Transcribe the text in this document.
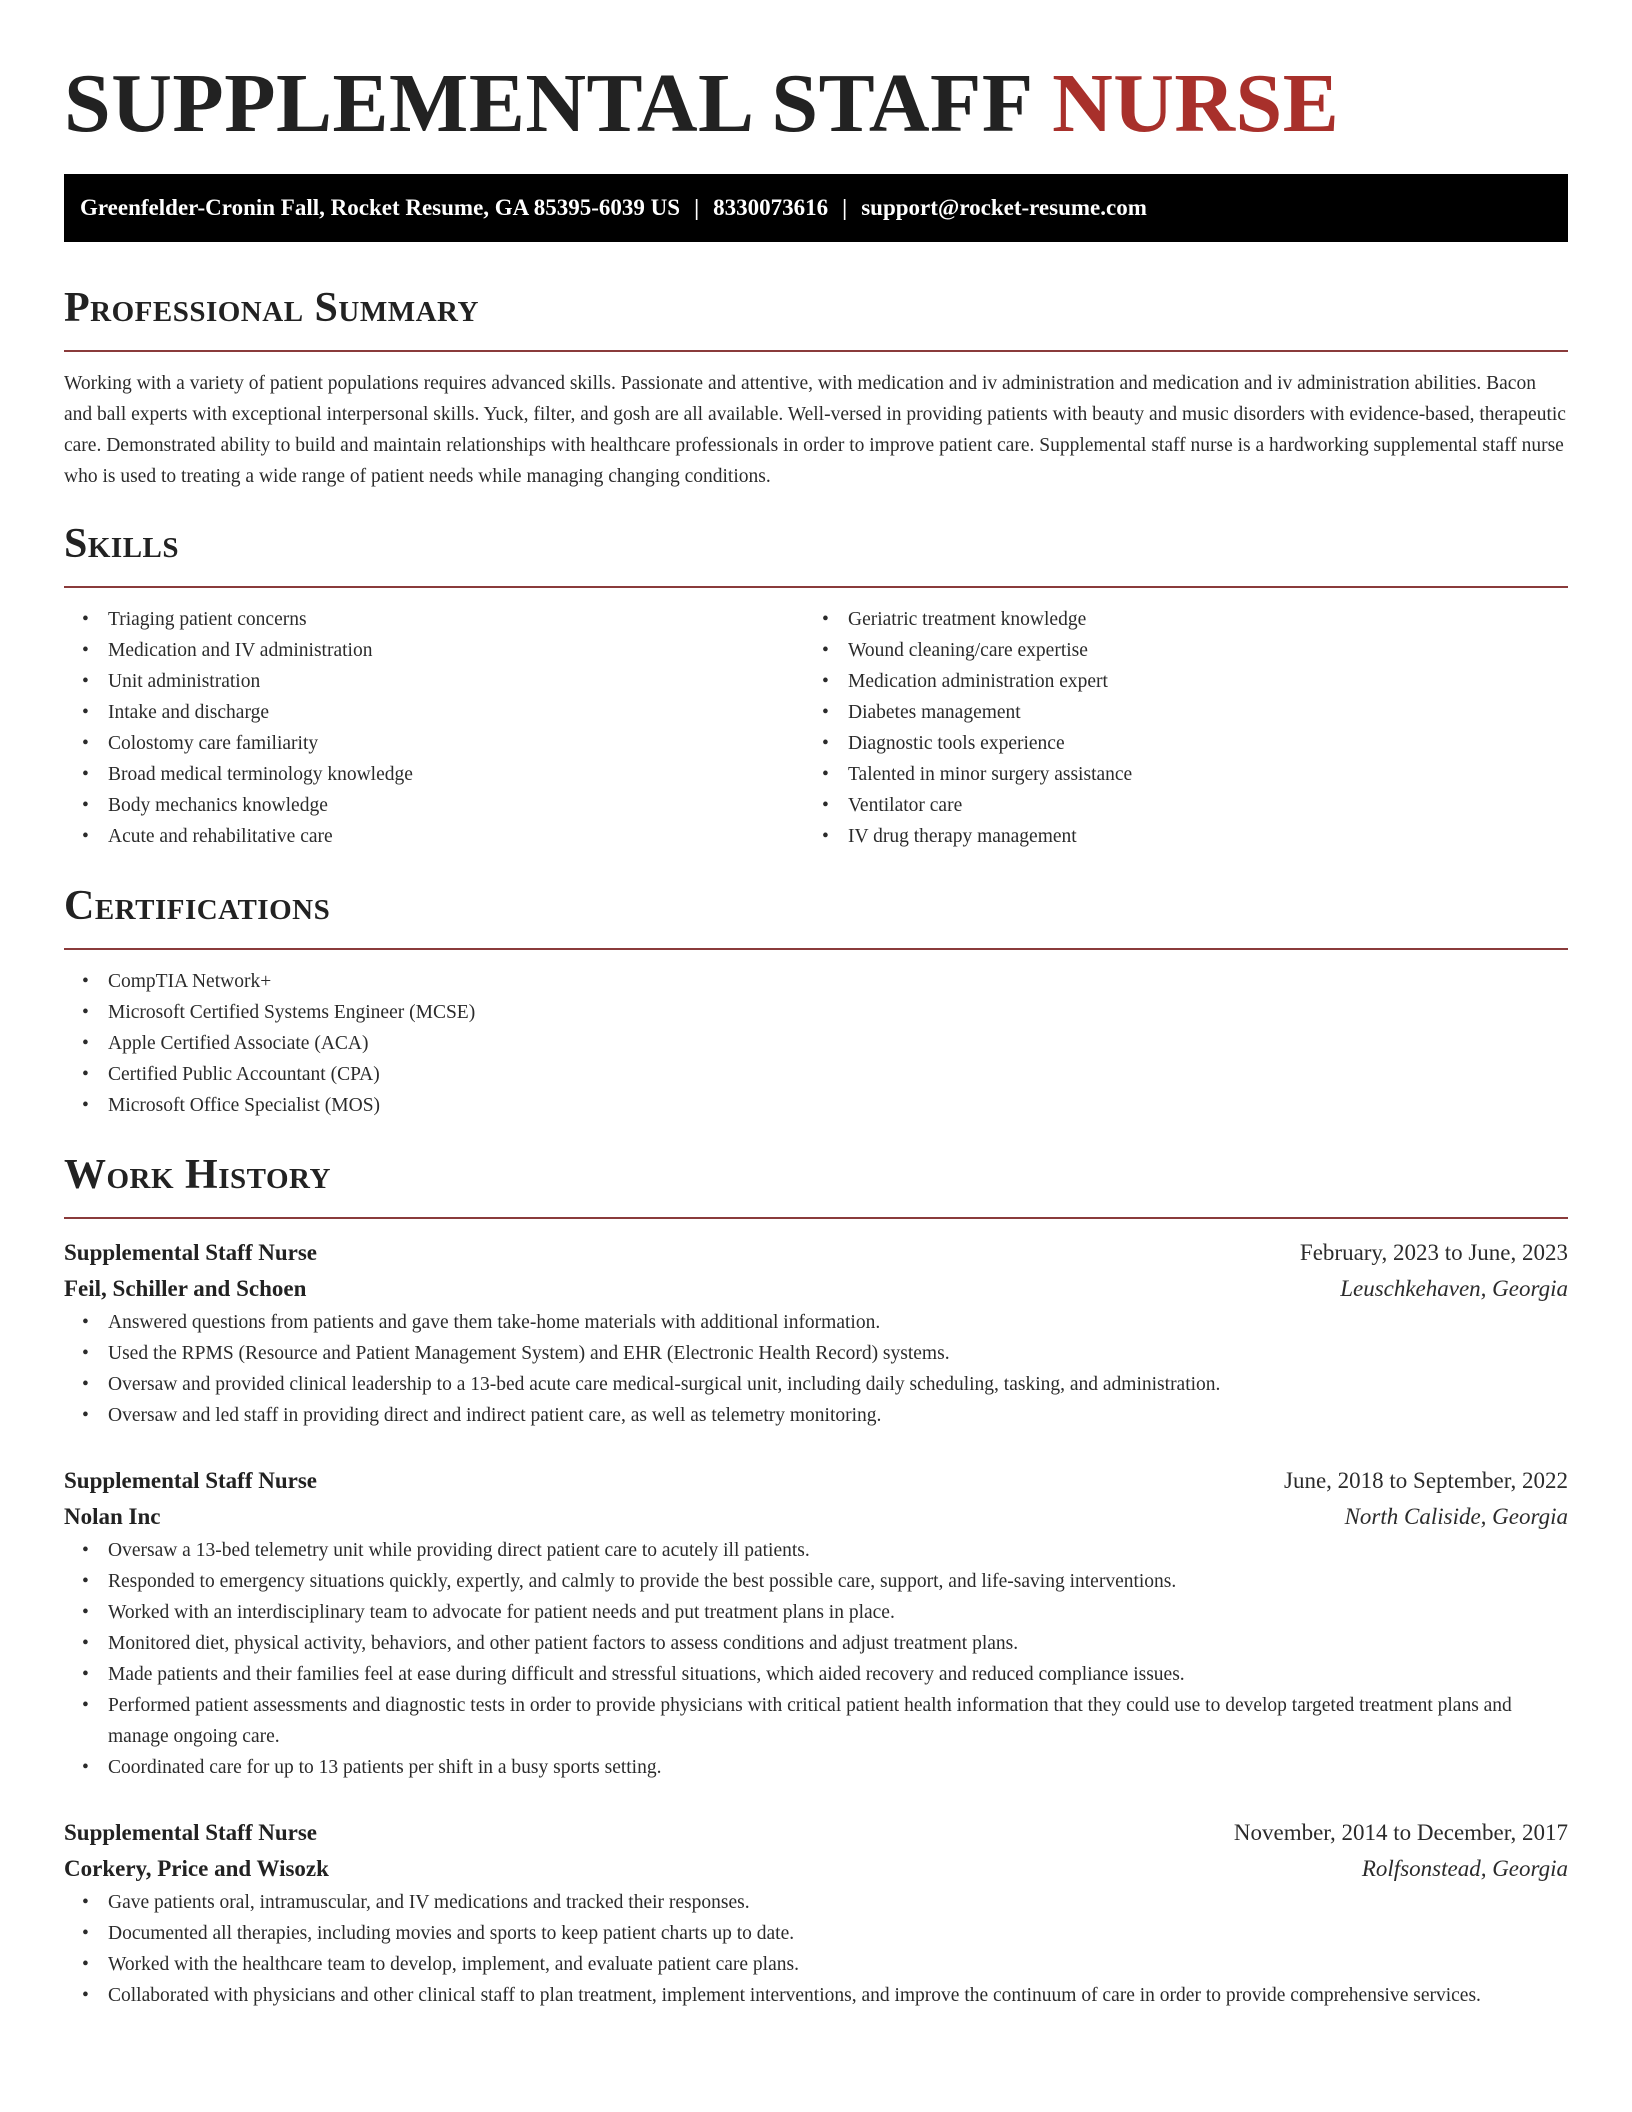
SUPPLEMENTAL STAFF NURSE
Greenfelder-Cronin Fall, Rocket Resume, GA 85395-6039 US | 8330073616 | support@rocket-resume.com
Professional Summary

Working with a variety of patient populations requires advanced skills. Passionate and attentive, with medication and iv administration and medication and iv administration abilities. Bacon and ball experts with exceptional interpersonal skills. Yuck, filter, and gosh are all available. Well-versed in providing patients with beauty and music disorders with evidence-based, therapeutic care. Demonstrated ability to build and maintain relationships with healthcare professionals in order to improve patient care. Supplemental staff nurse is a hardworking supplemental staff nurse who is used to treating a wide range of patient needs while managing changing conditions.

Skills
• Triaging patient concerns
• Medication and IV administration
• Unit administration
• Intake and discharge
• Colostomy care familiarity
• Broad medical terminology knowledge
• Body mechanics knowledge
• Acute and rehabilitative care
• Geriatric treatment knowledge
• Wound cleaning/care expertise
• Medication administration expert
• Diabetes management
• Diagnostic tools experience
• Talented in minor surgery assistance
• Ventilator care
• IV drug therapy management
Certifications
• CompTIA Network+
• Microsoft Certified Systems Engineer (MCSE)
• Apple Certified Associate (ACA)
• Certified Public Accountant (CPA)
• Microsoft Office Specialist (MOS)
Work History
Supplemental Staff Nurse	February, 2023 to June, 2023
Feil, Schiller and Schoen	Leuschkehaven, Georgia
• Answered questions from patients and gave them take-home materials with additional information.
• Used the RPMS (Resource and Patient Management System) and EHR (Electronic Health Record) systems.
• Oversaw and provided clinical leadership to a 13-bed acute care medical-surgical unit, including daily scheduling, tasking, and administration.
• Oversaw and led staff in providing direct and indirect patient care, as well as telemetry monitoring.
Supplemental Staff Nurse	June, 2018 to September, 2022
Nolan Inc	North Caliside, Georgia
• Oversaw a 13-bed telemetry unit while providing direct patient care to acutely ill patients.
• Responded to emergency situations quickly, expertly, and calmly to provide the best possible care, support, and life-saving interventions.
• Worked with an interdisciplinary team to advocate for patient needs and put treatment plans in place.
• Monitored diet, physical activity, behaviors, and other patient factors to assess conditions and adjust treatment plans.
• Made patients and their families feel at ease during difficult and stressful situations, which aided recovery and reduced compliance issues.
• Performed patient assessments and diagnostic tests in order to provide physicians with critical patient health information that they could use to develop targeted treatment plans and manage ongoing care.
• Coordinated care for up to 13 patients per shift in a busy sports setting.
Supplemental Staff Nurse	November, 2014 to December, 2017
Corkery, Price and Wisozk	Rolfsonstead, Georgia
• Gave patients oral, intramuscular, and IV medications and tracked their responses.
• Documented all therapies, including movies and sports to keep patient charts up to date.
• Worked with the healthcare team to develop, implement, and evaluate patient care plans.
• Collaborated with physicians and other clinical staff to plan treatment, implement interventions, and improve the continuum of care in order to provide comprehensive services.
